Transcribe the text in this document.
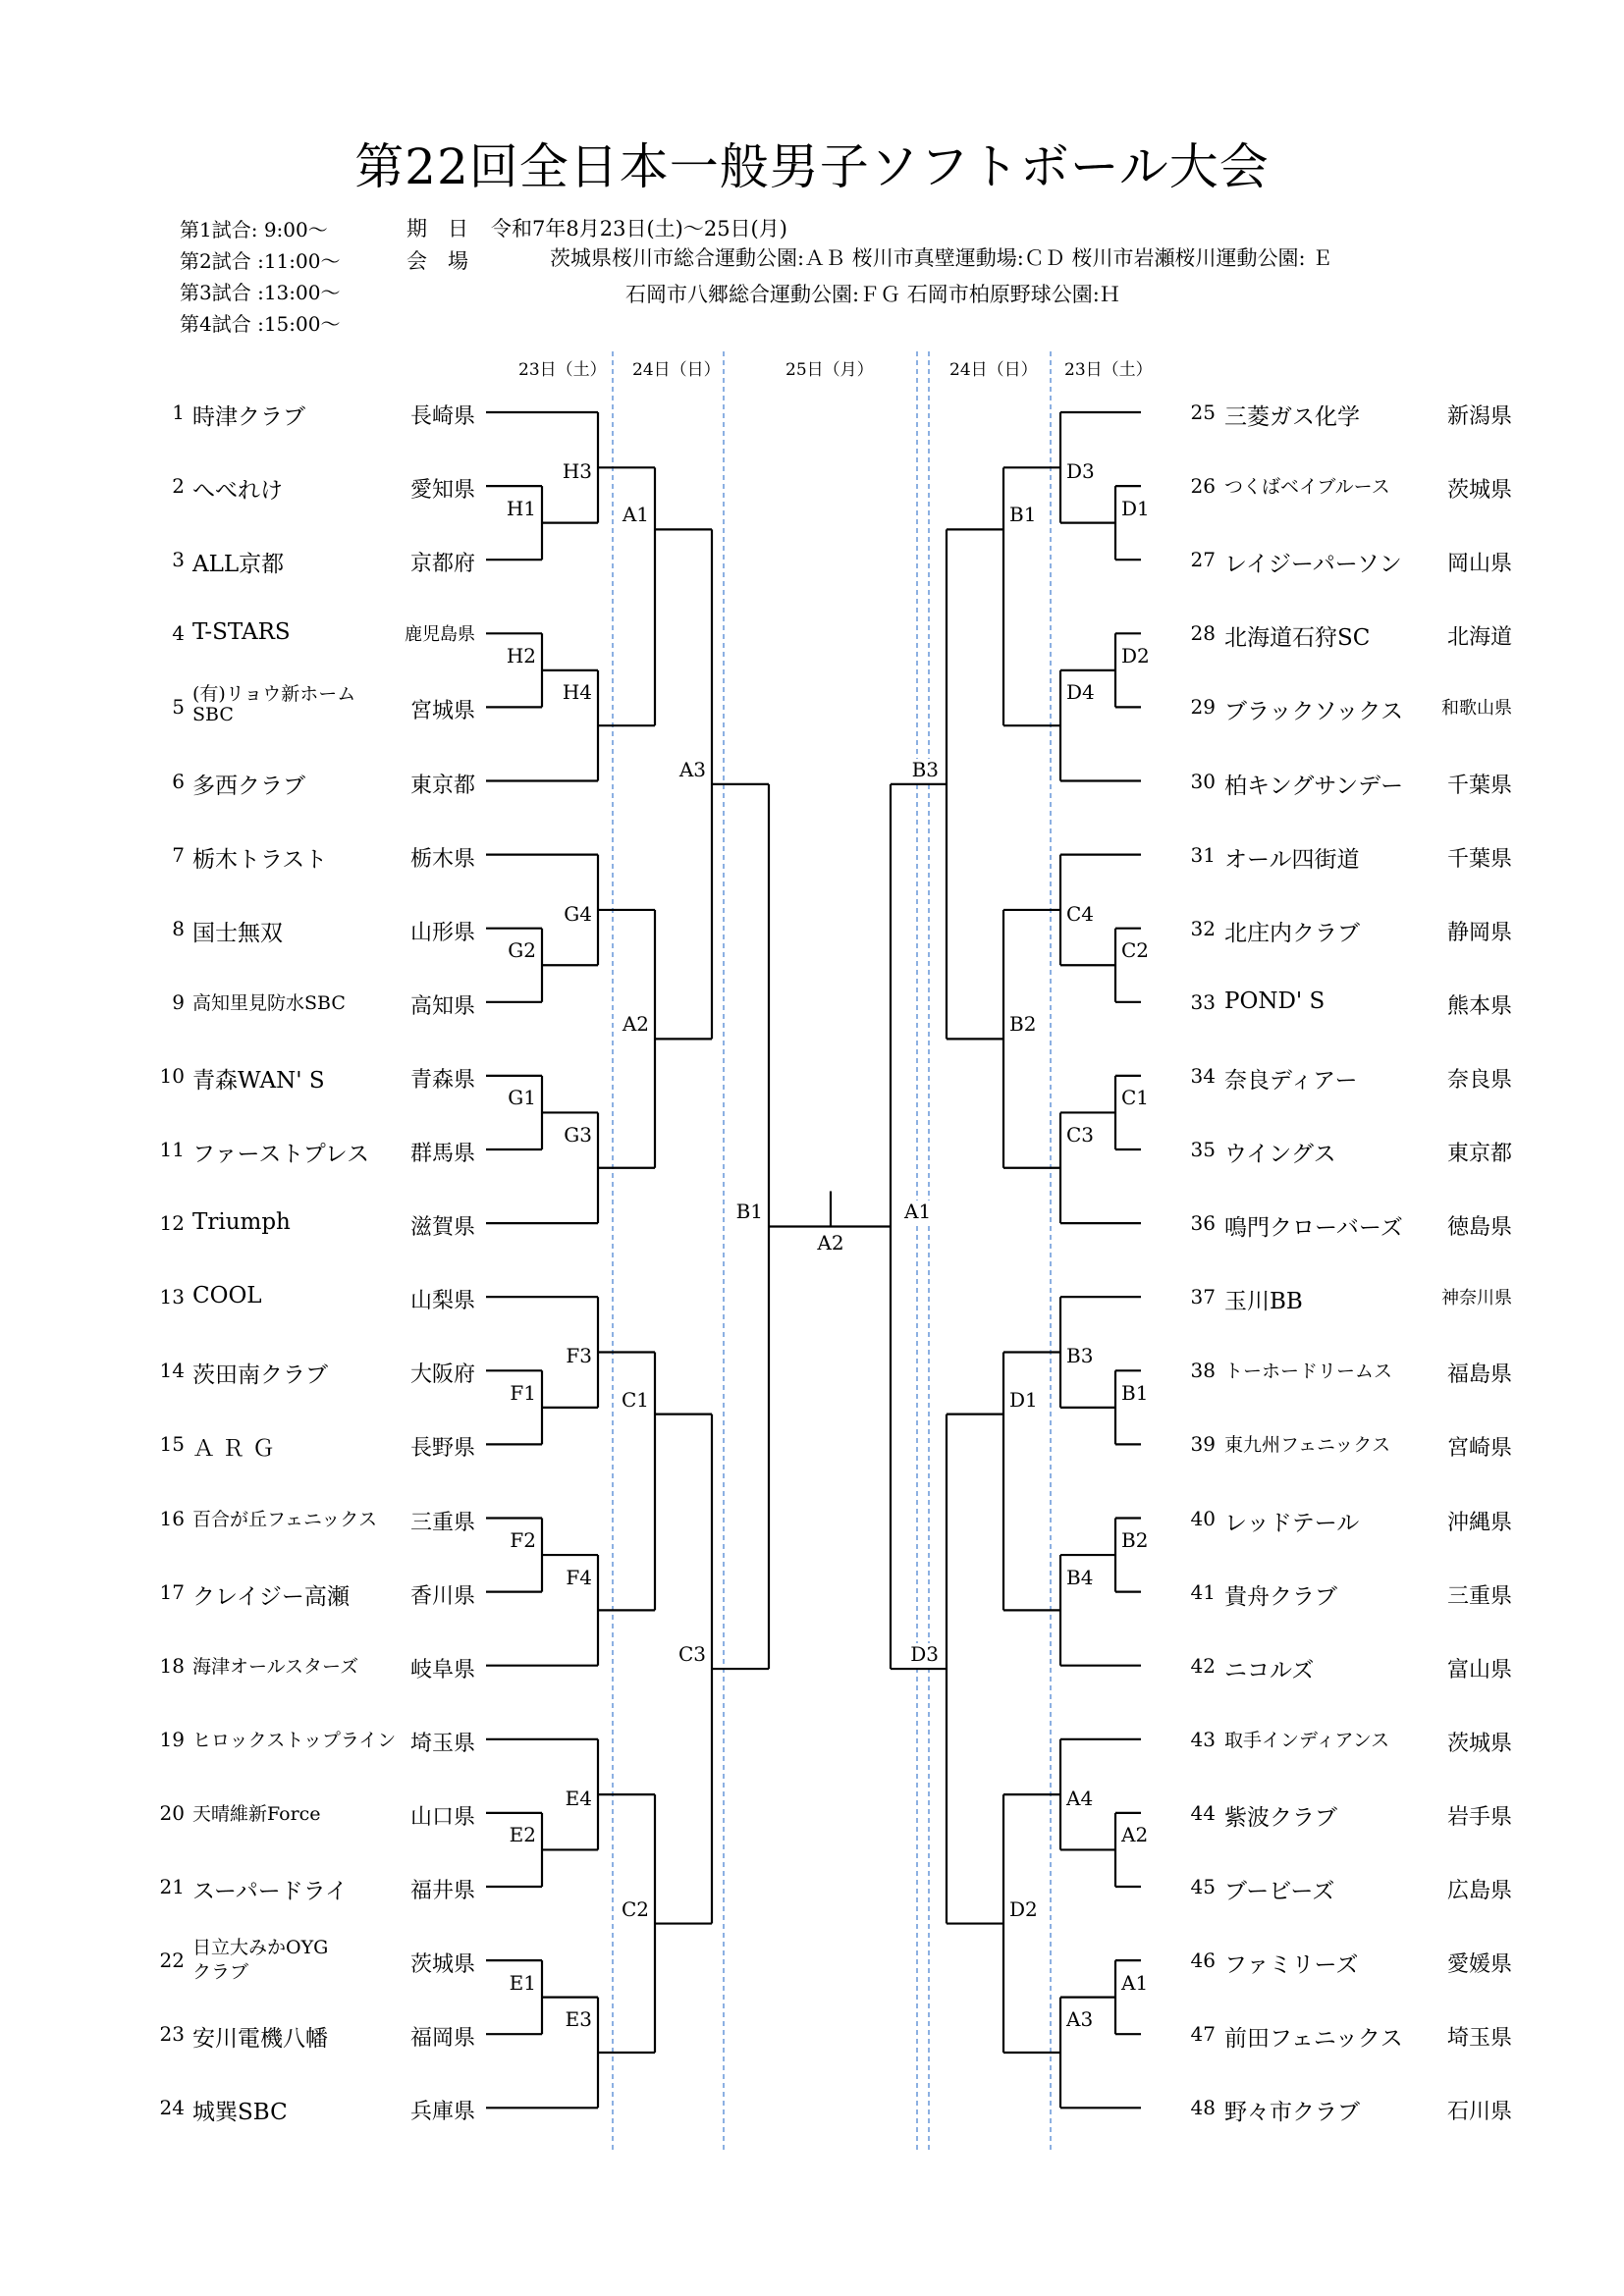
第22回全日本一般男子ソフトボール大会
第1試合: 9:00～
第2試合 :11:00～
第3試合 :13:00～
第4試合 :15:00～
期　日 令和7年8月23日(土)～25日(月)
会　場	茨城県桜川市総合運動公園:ＡＢ 桜川市真壁運動場:ＣＤ 桜川市岩瀬桜川運動公園: Ｅ
石岡市八郷総合運動公園:ＦＧ 石岡市柏原野球公園:Ｈ
23日（土） 24日（日）	25日（月）	24日（日） 23日（土）
H1
H3
H2
H4
G2
G4
G1
G3
F1
F3
F2
F4
E2
E4
E1
E3
A1
A2
C1
C2
A3
C3
B1
D1
D3
D2
D4
C2
C4
C1
C3
B1
B3
B2
B4
A2
A4
A1
A3
B1
B2
D1
D2
B3
D3
A1
A2
1 時津クラブ	長崎県
2 へべれけ	愛知県
3 ALL京都	京都府
4 T-STARS	鹿児島県
5
(有)リョウ新ホーム
SBC	宮城県
6 多西クラブ	東京都
7 栃木トラスト	栃木県
8 国士無双	山形県
9 高知里見防水SBC	高知県
10 青森WAN' S	青森県
11 ファーストプレス 群馬県
12 Triumph	滋賀県
13 COOL	山梨県
14 茨田南クラブ	大阪府
15 Ａ Ｒ Ｇ	長野県
16 百合が丘フェニックス 三重県
17 クレイジー高瀬	香川県
18 海津オールスターズ 岐阜県
19 ヒロックストップライン 埼玉県
20 天晴維新Force	山口県
21 スーパードライ	福井県
22
日立大みかOYG
クラブ	茨城県
23 安川電機八幡	福岡県
24 城巽SBC	兵庫県
25 三菱ガス化学	新潟県
26 つくばベイブルース	茨城県
27 レイジーパーソン 岡山県
28 北海道石狩SC	北海道
29 ブラックソックス 和歌山県
30 柏キングサンデー 千葉県
31 オール四街道	千葉県
32 北庄内クラブ	静岡県
33 POND' S	熊本県
34 奈良ディアー	奈良県
35 ウイングス	東京都
36 鳴門クローバーズ 徳島県
37 玉川BB	神奈川県
38 トーホードリームス	福島県
39 東九州フェニックス	宮崎県
40 レッドテール	沖縄県
41 貴舟クラブ	三重県
42 ニコルズ	富山県
43 取手インディアンス	茨城県
44 紫波クラブ	岩手県
45 ブービーズ	広島県
46 ファミリーズ	愛媛県
47 前田フェニックス 埼玉県
48 野々市クラブ	石川県
